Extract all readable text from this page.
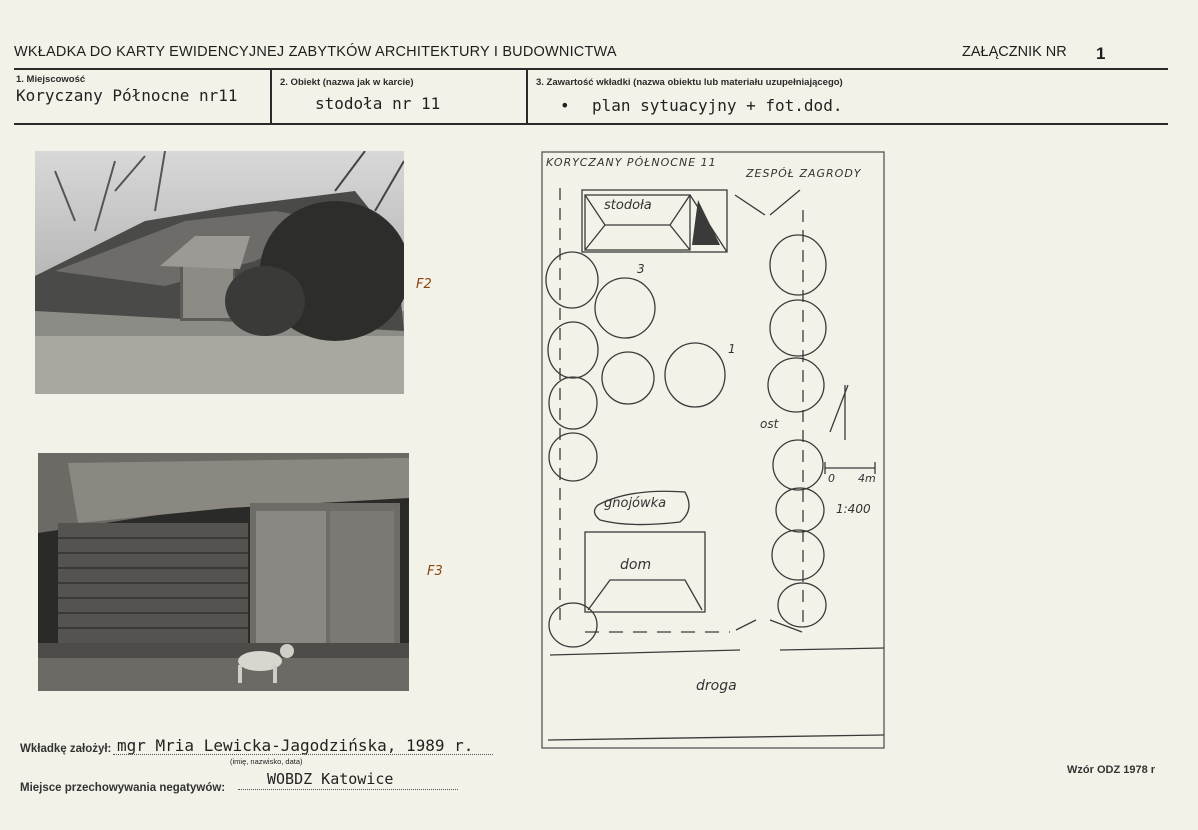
WKŁADKA DO KARTY EWIDENCYJNEJ ZABYTKÓW ARCHITEKTURY I BUDOWNICTWA	ZAŁĄCZNIK NR 1
1. Miejscowość
Koryczany Północne nr11
2. Obiekt (nazwa jak w karcie)
stodoła nr 11
3. Zawartość wkładki (nazwa obiektu lub materiału uzupełniającego)
• plan sytuacyjny + fot.dod.
F2
F3
KORYCZANY PÓŁNOCNE 11
ZESPÓŁ ZAGRODY
stodoła
dom
gnojówka
droga
ost
0 4m
1:400
1
3
Wkładkę założył: mgr Mria Lewicka-Jagodzińska, 1989 r.
(imię, nazwisko, data)
Miejsce przechowywania negatywów:	WOBDZ Katowice	Wzór ODZ 1978 r
